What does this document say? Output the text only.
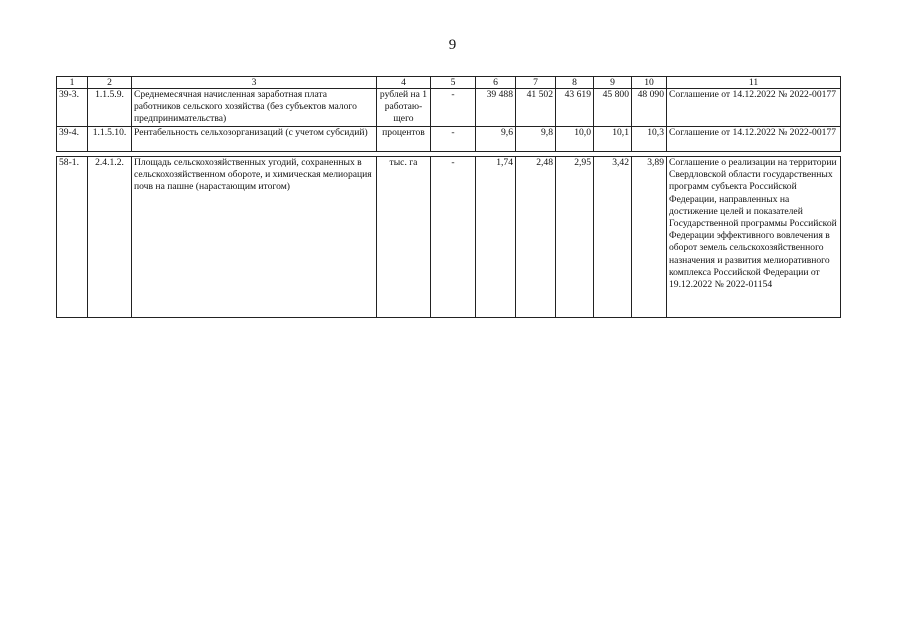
9
1	2	3	4	5	6	7	8	9	10	11
39-3.	1.1.5.9.	Среднемесячная начисленная заработная плата работников сельского хозяйства (без субъектов малого предпринимательства)	рублей на 1 работаю-щего	-	39 488	41 502	43 619	45 800	48 090	Соглашение от 14.12.2022 № 2022-00177
39-4.	1.1.5.10.	Рентабельность сельхозорганизаций (с учетом субсидий)	процентов	-	9,6	9,8	10,0	10,1	10,3	Соглашение от 14.12.2022 № 2022-00177

58-1.	2.4.1.2.	Площадь сельскохозяйственных угодий, сохраненных в сельскохозяйственном обороте, и химическая мелиорация почв на пашне (нарастающим итогом)	тыс. га	-	1,74	2,48	2,95	3,42	3,89	Соглашение о реализации на территории Свердловской области государственных программ субъекта Российской Федерации, направленных на достижение целей и показателей Государственной программы Российской Федерации эффективного вовлечения в оборот земель сельскохозяйственного назначения и развития мелиоративного комплекса Российской Федерации от 19.12.2022 № 2022-01154
